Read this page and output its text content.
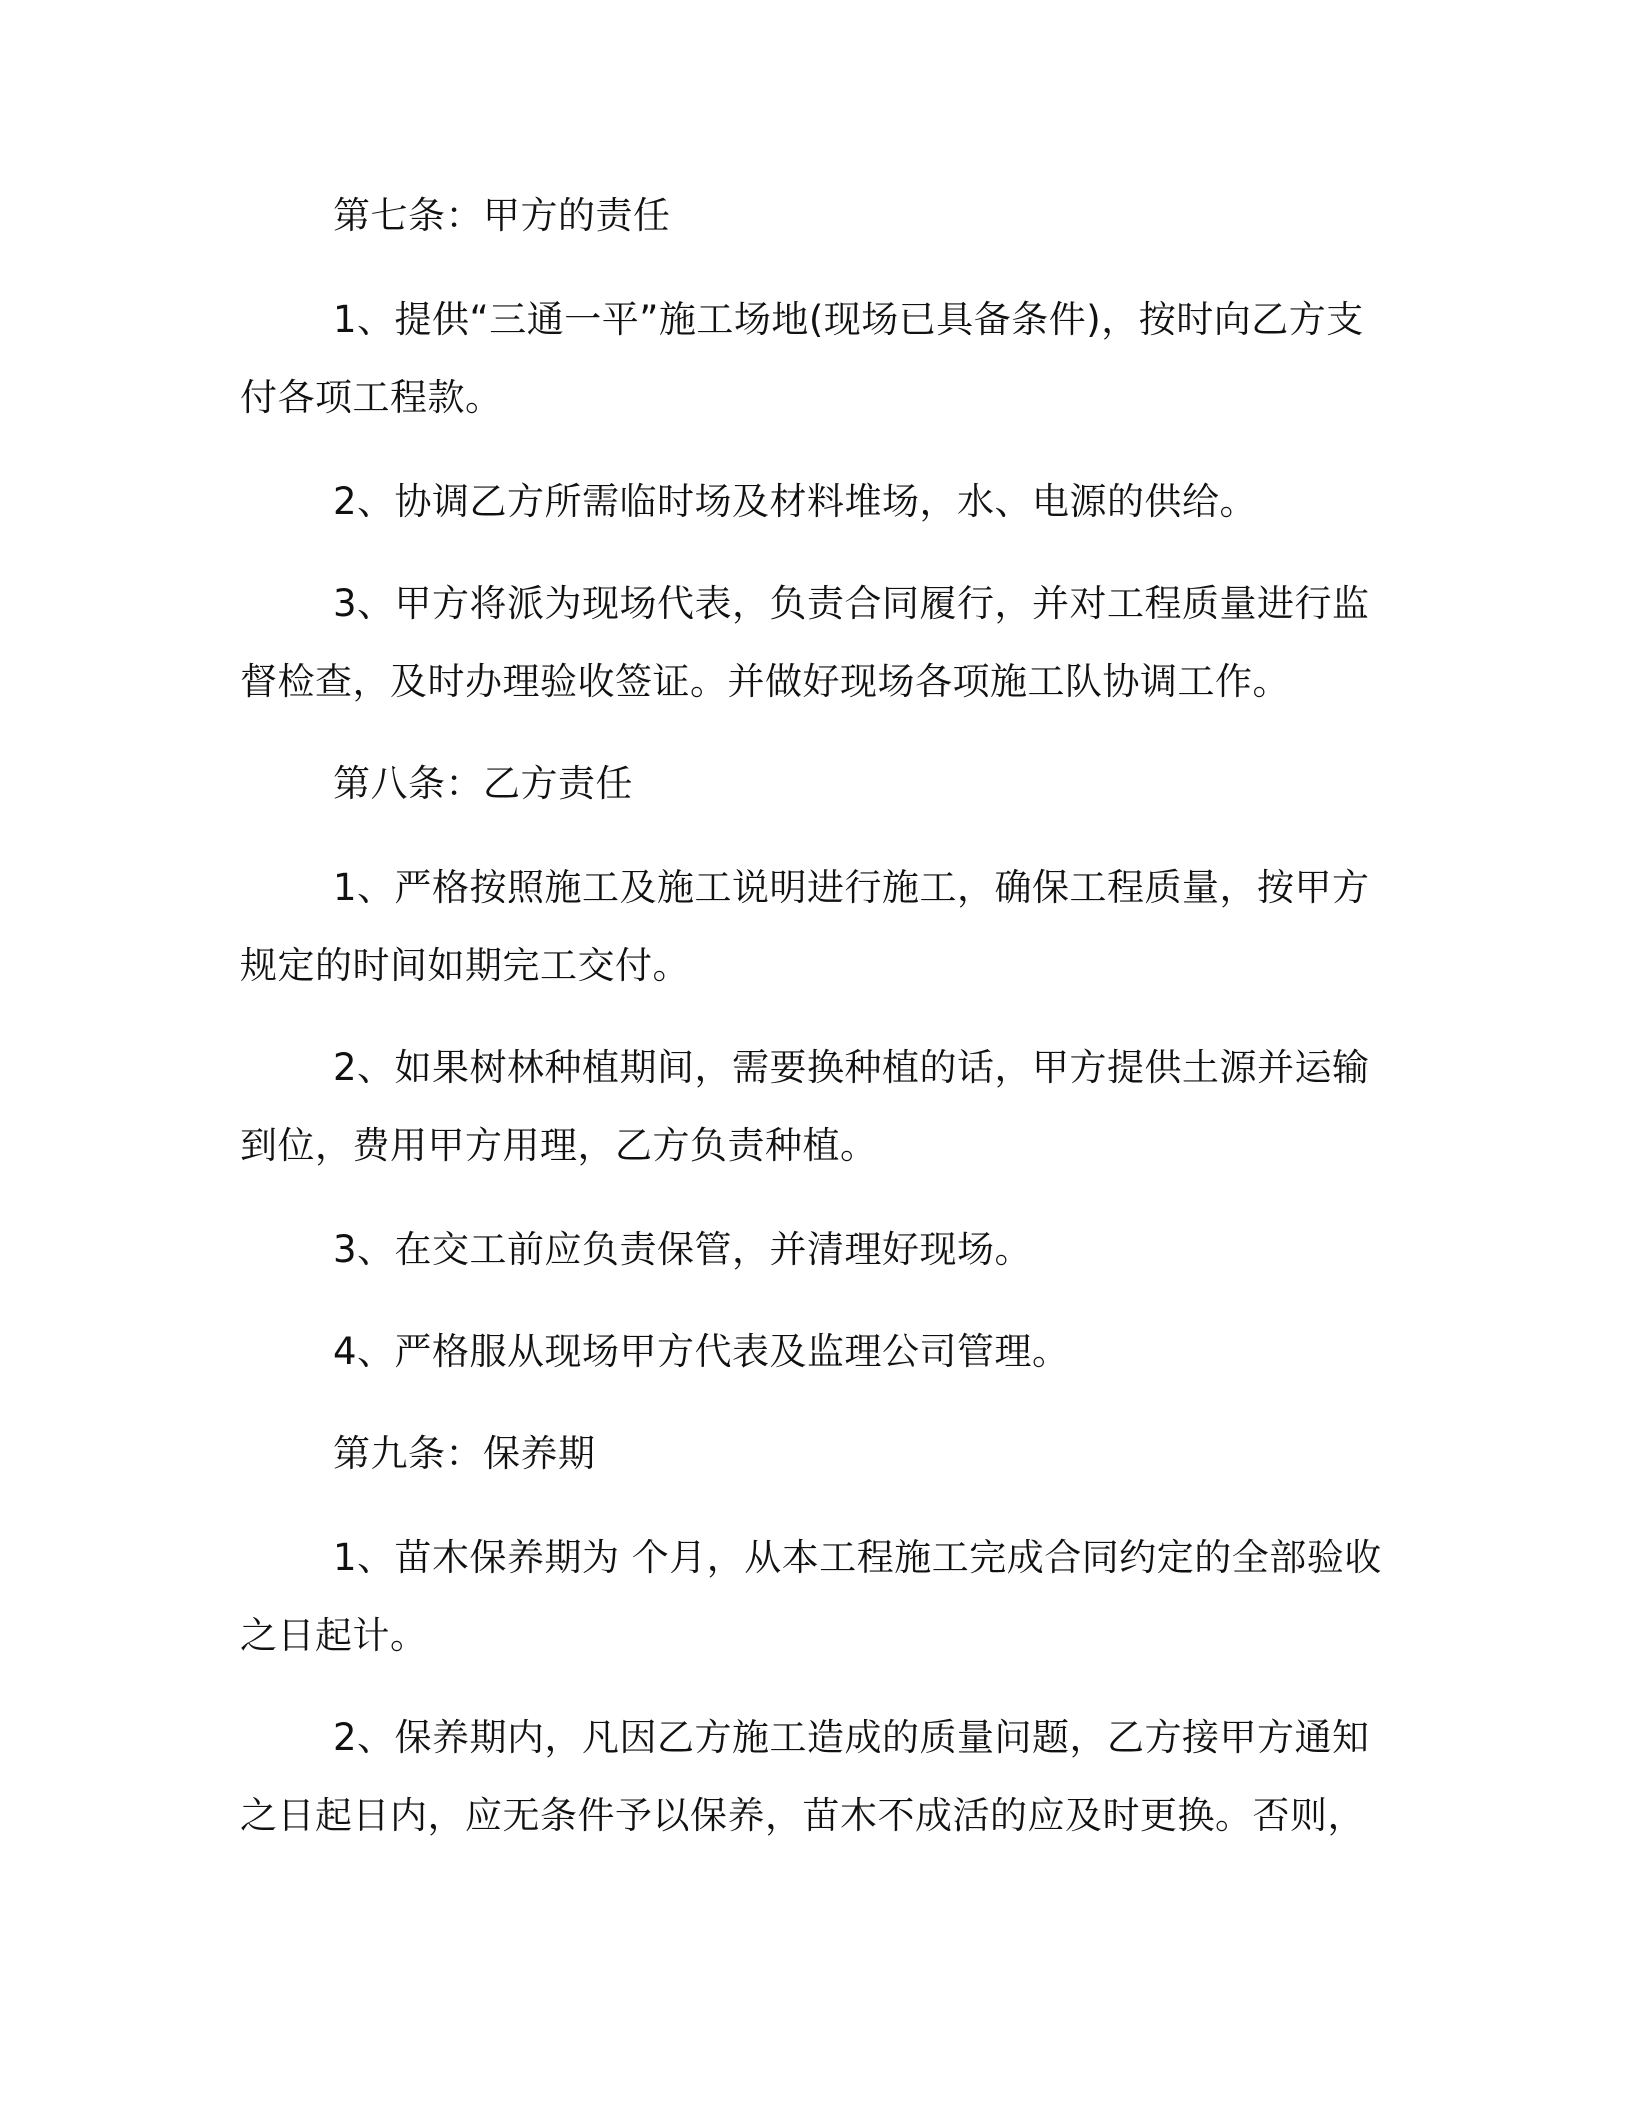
第七条：甲方的责任

1、提供“三通一平”施工场地(现场已具备条件)，按时向乙方支

付各项工程款。

2、协调乙方所需临时场及材料堆场，水、电源的供给。

3、甲方将派为现场代表，负责合同履行，并对工程质量进行监

督检查，及时办理验收签证。并做好现场各项施工队协调工作。

第八条：乙方责任

1、严格按照施工及施工说明进行施工，确保工程质量，按甲方

规定的时间如期完工交付。

2、如果树林种植期间，需要换种植的话，甲方提供土源并运输

到位，费用甲方用理，乙方负责种植。

3、在交工前应负责保管，并清理好现场。

4、严格服从现场甲方代表及监理公司管理。

第九条：保养期

1、苗木保养期为 个月，从本工程施工完成合同约定的全部验收

之日起计。

2、保养期内，凡因乙方施工造成的质量问题，乙方接甲方通知

之日起日内，应无条件予以保养，苗木不成活的应及时更换。否则，
